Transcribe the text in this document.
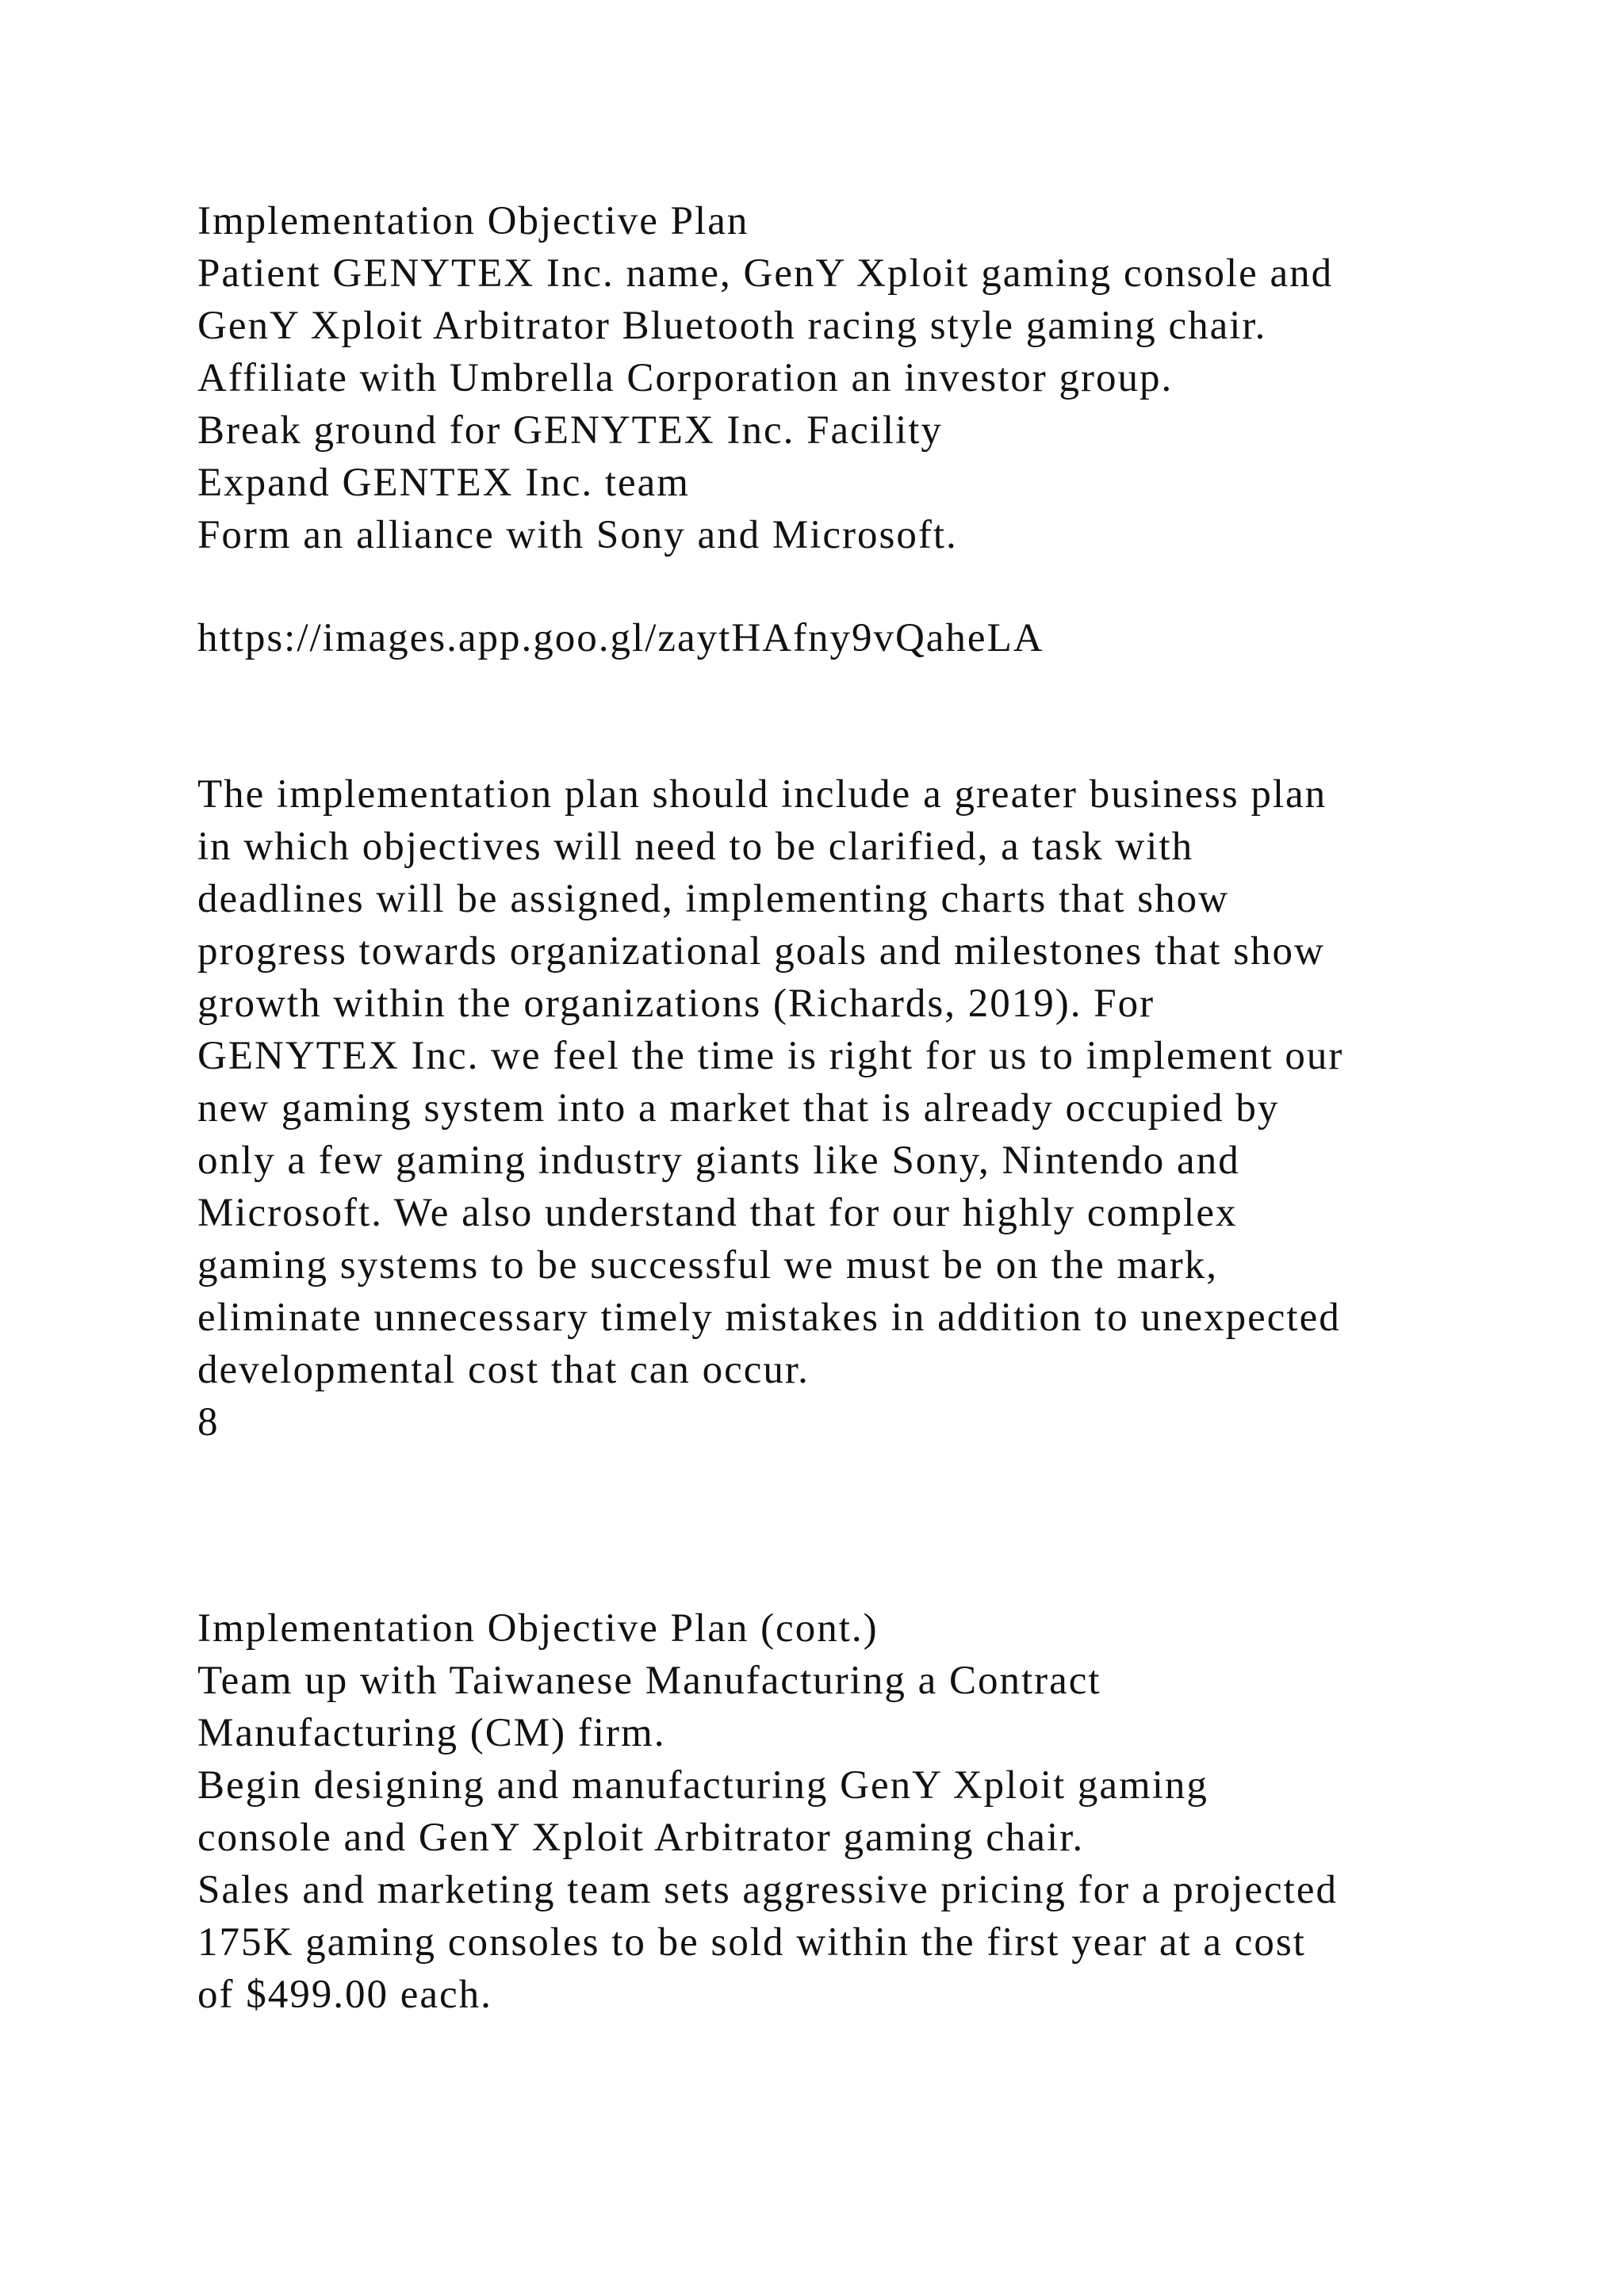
Implementation Objective Plan
Patient GENYTEX Inc. name, GenY Xploit gaming console and
GenY Xploit Arbitrator Bluetooth racing style gaming chair.
Affiliate with Umbrella Corporation an investor group.
Break ground for GENYTEX Inc. Facility
Expand GENTEX Inc. team
Form an alliance with Sony and Microsoft.
https://images.app.goo.gl/zaytHAfny9vQaheLA
The implementation plan should include a greater business plan
in which objectives will need to be clarified, a task with
deadlines will be assigned, implementing charts that show
progress towards organizational goals and milestones that show
growth within the organizations (Richards, 2019). For
GENYTEX Inc. we feel the time is right for us to implement our
new gaming system into a market that is already occupied by
only a few gaming industry giants like Sony, Nintendo and
Microsoft. We also understand that for our highly complex
gaming systems to be successful we must be on the mark,
eliminate unnecessary timely mistakes in addition to unexpected
developmental cost that can occur.
8
Implementation Objective Plan (cont.)
Team up with Taiwanese Manufacturing a Contract
Manufacturing (CM) firm.
Begin designing and manufacturing GenY Xploit gaming
console and GenY Xploit Arbitrator gaming chair.
Sales and marketing team sets aggressive pricing for a projected
175K gaming consoles to be sold within the first year at a cost
of $499.00 each.
